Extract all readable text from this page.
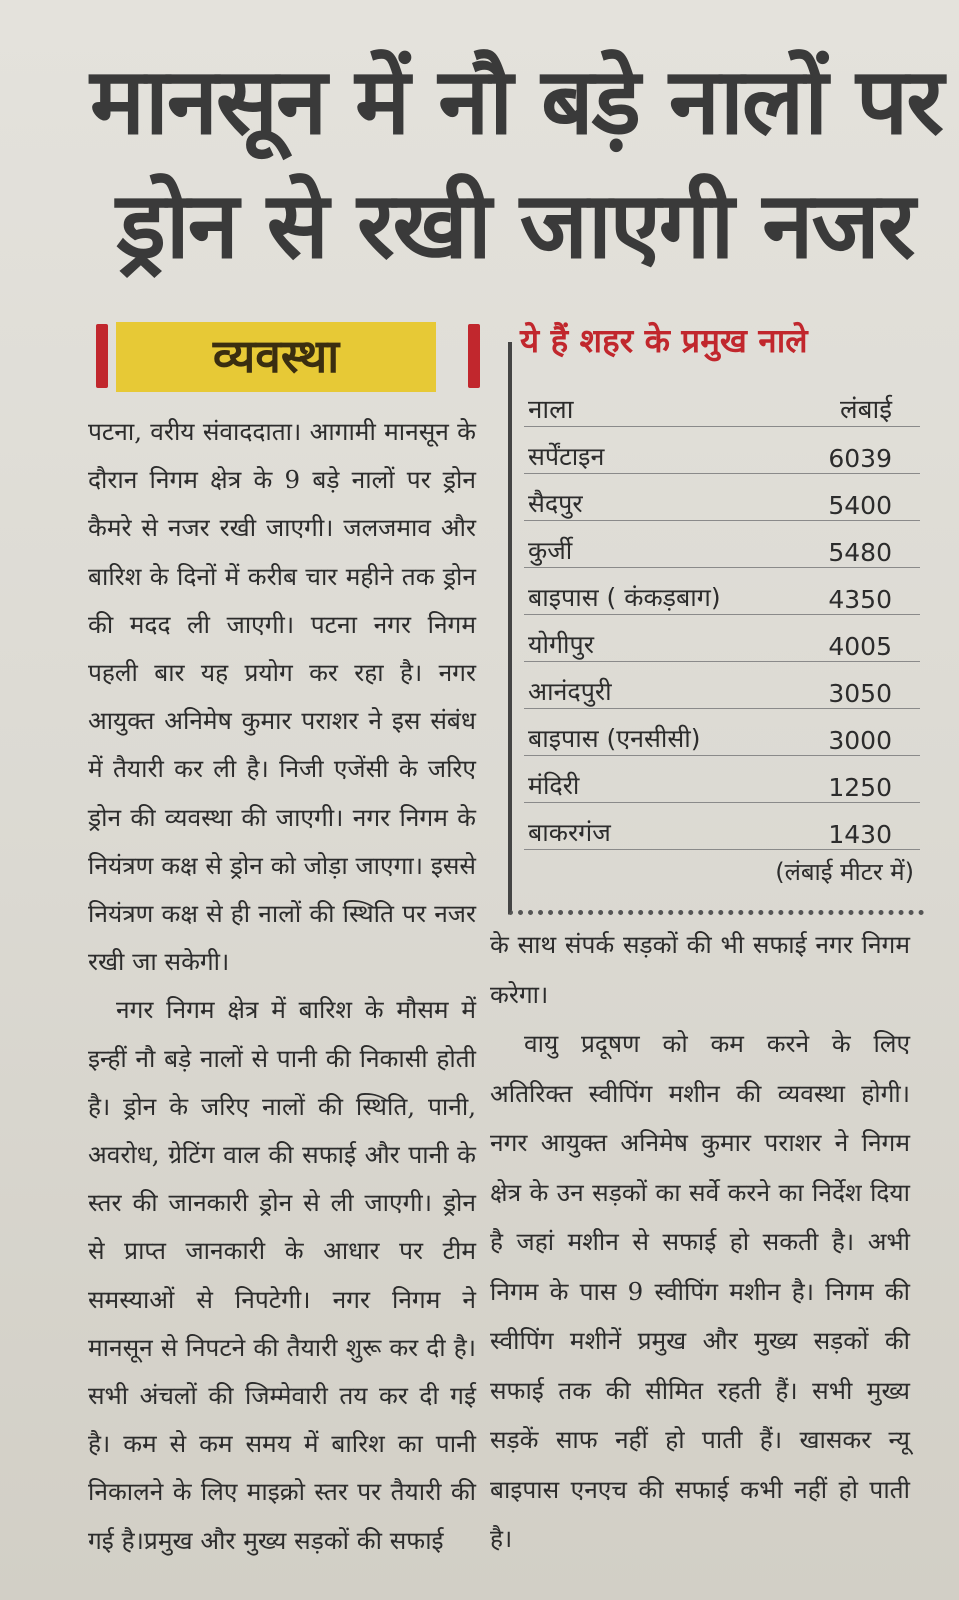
मानसून में नौ बड़े नालों पर
ड्रोन से रखी जाएगी नजर
व्यवस्था

पटना, वरीय संवाददाता। आगामी मानसून के दौरान निगम क्षेत्र के 9 बड़े नालों पर ड्रोन कैमरे से नजर रखी जाएगी। जलजमाव और बारिश के दिनों में करीब चार महीने तक ड्रोन की मदद ली जाएगी। पटना नगर निगम पहली बार यह प्रयोग कर रहा है। नगर आयुक्त अनिमेष कुमार पराशर ने इस संबंध में तैयारी कर ली है। निजी एजेंसी के जरिए ड्रोन की व्यवस्था की जाएगी। नगर निगम के नियंत्रण कक्ष से ड्रोन को जोड़ा जाएगा। इससे नियंत्रण कक्ष से ही नालों की स्थिति पर नजर रखी जा सकेगी।

नगर निगम क्षेत्र में बारिश के मौसम में इन्हीं नौ बड़े नालों से पानी की निकासी होती है। ड्रोन के जरिए नालों की स्थिति, पानी, अवरोध, ग्रेटिंग वाल की सफाई और पानी के स्तर की जानकारी ड्रोन से ली जाएगी। ड्रोन से प्राप्त जानकारी के आधार पर टीम समस्याओं से निपटेगी। नगर निगम ने मानसून से निपटने की तैयारी शुरू कर दी है। सभी अंचलों की जिम्मेवारी तय कर दी गई है। कम से कम समय में बारिश का पानी निकालने के लिए माइक्रो स्तर पर तैयारी की गई है।प्रमुख और मुख्य सड़कों की सफाई

ये हैं शहर के प्रमुख नाले
नाला	लंबाई
सर्पेंटाइन	6039
सैदपुर	5400
कुर्जी	5480
बाइपास ( कंकड़बाग)	4350
योगीपुर	4005
आनंदपुरी	3050
बाइपास (एनसीसी)	3000
मंदिरी	1250
बाकरगंज	1430

(लंबाई मीटर में)

के साथ संपर्क सड़कों की भी सफाई नगर निगम करेगा।

वायु प्रदूषण को कम करने के लिए अतिरिक्त स्वीपिंग मशीन की व्यवस्था होगी। नगर आयुक्त अनिमेष कुमार पराशर ने निगम क्षेत्र के उन सड़कों का सर्वे करने का निर्देश दिया है जहां मशीन से सफाई हो सकती है। अभी निगम के पास 9 स्वीपिंग मशीन है। निगम की स्वीपिंग मशीनें प्रमुख और मुख्य सड़कों की सफाई तक की सीमित रहती हैं। सभी मुख्य सड़कें साफ नहीं हो पाती हैं। खासकर न्यू बाइपास एनएच की सफाई कभी नहीं हो पाती है।
